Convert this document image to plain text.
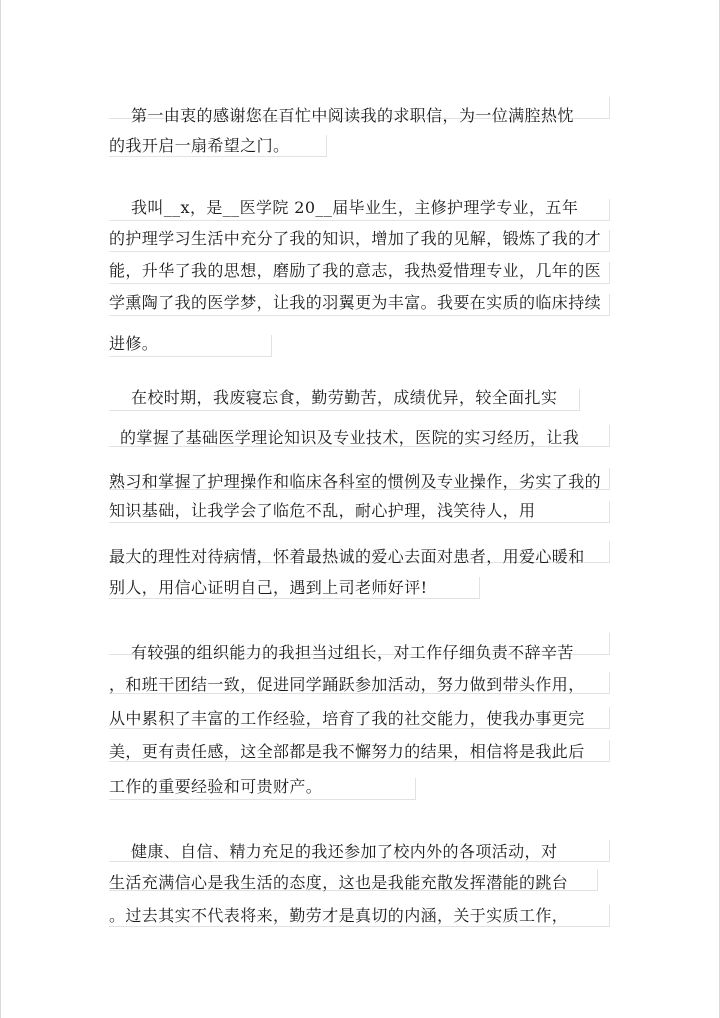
第一由衷的感谢您在百忙中阅读我的求职信，为一位满腔热忱
的我开启一扇希望之门。
我叫__x，是__医学院 20__届毕业生，主修护理学专业，五年
的护理学习生活中充分了我的知识，增加了我的见解，锻炼了我的才
能，升华了我的思想，磨励了我的意志，我热爱惜理专业，几年的医
学熏陶了我的医学梦，让我的羽翼更为丰富。我要在实质的临床持续
进修。
在校时期，我废寝忘食，勤劳勤苦，成绩优异，较全面扎实
的掌握了基础医学理论知识及专业技术，医院的实习经历，让我
熟习和掌握了护理操作和临床各科室的惯例及专业操作，劣实了我的
知识基础，让我学会了临危不乱，耐心护理，浅笑待人，用
最大的理性对待病情，怀着最热诚的爱心去面对患者，用爱心暖和
别人，用信心证明自己，遇到上司老师好评!
有较强的组织能力的我担当过组长，对工作仔细负责不辞辛苦
，和班干团结一致，促进同学踊跃参加活动，努力做到带头作用，
从中累积了丰富的工作经验，培育了我的社交能力，使我办事更完
美，更有责任感，这全部都是我不懈努力的结果，相信将是我此后
工作的重要经验和可贵财产。
健康、自信、精力充足的我还参加了校内外的各项活动，对
生活充满信心是我生活的态度，这也是我能充散发挥潜能的跳台
。过去其实不代表将来，勤劳才是真切的内涵，关于实质工作，
